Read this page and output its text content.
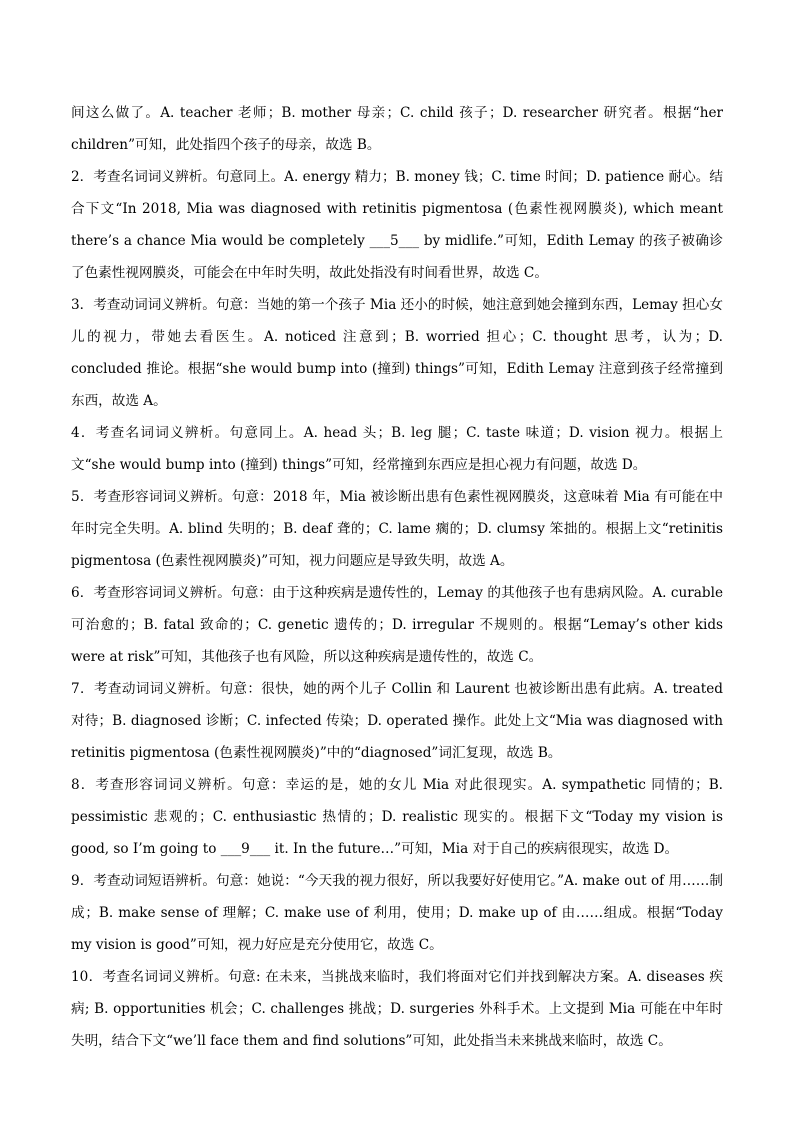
间这么做了。A. teacher 老师；B. mother 母亲；C. child 孩子；D. researcher 研究者。根据“her children”可知，此处指四个孩子的母亲，故选 B。

2．考查名词词义辨析。句意同上。A. energy 精力；B. money 钱；C. time 时间；D. patience 耐心。结合下文“In 2018, Mia was diagnosed with retinitis pigmentosa (色素性视网膜炎), which meant there’s a chance Mia would be completely ___5___ by midlife.”可知，Edith Lemay 的孩子被确诊了色素性视网膜炎，可能会在中年时失明，故此处指没有时间看世界，故选 C。

3．考查动词词义辨析。句意：当她的第一个孩子 Mia 还小的时候，她注意到她会撞到东西，Lemay 担心女儿的视力，带她去看医生。A. noticed 注意到；B. worried 担心；C. thought 思考，认为；D. concluded 推论。根据“she would bump into (撞到) things”可知，Edith Lemay 注意到孩子经常撞到东西，故选 A。

4．考查名词词义辨析。句意同上。A. head 头；B. leg 腿；C. taste 味道；D. vision 视力。根据上文“she would bump into (撞到) things”可知，经常撞到东西应是担心视力有问题，故选 D。

5．考查形容词词义辨析。句意：2018 年，Mia 被诊断出患有色素性视网膜炎，这意味着 Mia 有可能在中年时完全失明。A. blind 失明的；B. deaf 聋的；C. lame 瘸的；D. clumsy 笨拙的。根据上文“retinitis pigmentosa (色素性视网膜炎)”可知，视力问题应是导致失明，故选 A。

6．考查形容词词义辨析。句意：由于这种疾病是遗传性的，Lemay 的其他孩子也有患病风险。A. curable 可治愈的；B. fatal 致命的；C. genetic 遗传的；D. irregular 不规则的。根据“Lemay’s other kids were at risk”可知，其他孩子也有风险，所以这种疾病是遗传性的，故选 C。

7．考查动词词义辨析。句意：很快，她的两个儿子 Collin 和 Laurent 也被诊断出患有此病。A. treated 对待；B. diagnosed 诊断；C. infected 传染；D. operated 操作。此处上文“Mia was diagnosed with retinitis pigmentosa (色素性视网膜炎)”中的“diagnosed”词汇复现，故选 B。

8．考查形容词词义辨析。句意：幸运的是，她的女儿 Mia 对此很现实。A. sympathetic 同情的；B. pessimistic 悲观的；C. enthusiastic 热情的；D. realistic 现实的。根据下文“Today my vision is good, so I’m going to ___9___ it. In the future…”可知，Mia 对于自己的疾病很现实，故选 D。

9．考查动词短语辨析。句意：她说：“今天我的视力很好，所以我要好好使用它。”A. make out of 用……制成；B. make sense of 理解；C. make use of 利用，使用；D. make up of 由……组成。根据“Today my vision is good”可知，视力好应是充分使用它，故选 C。

10．考查名词词义辨析。句意: 在未来，当挑战来临时，我们将面对它们并找到解决方案。A. diseases 疾病; B. opportunities 机会；C. challenges 挑战；D. surgeries 外科手术。上文提到 Mia 可能在中年时失明，结合下文“we’ll face them and find solutions”可知，此处指当未来挑战来临时，故选 C。
